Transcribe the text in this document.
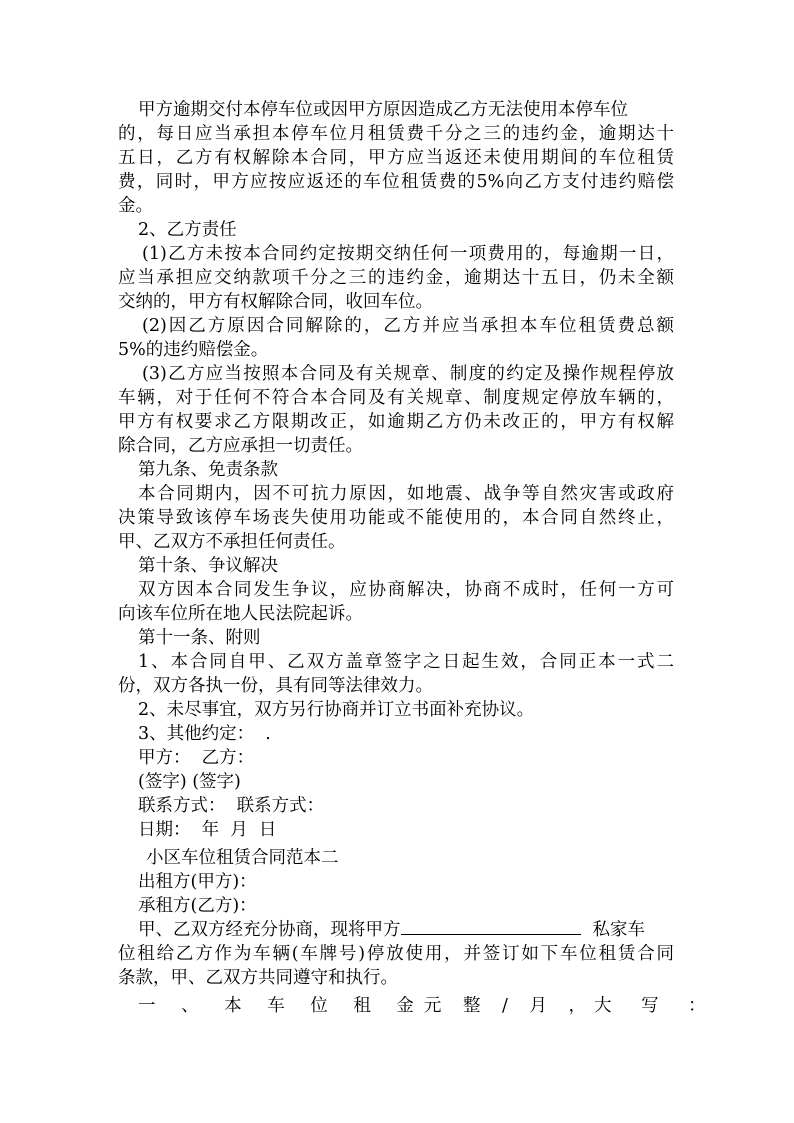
甲方逾期交付本停车位或因甲方原因造成乙方无法使用本停车位
的，每日应当承担本停车位月租赁费千分之三的违约金，逾期达十
五日，乙方有权解除本合同，甲方应当返还未使用期间的车位租赁
费，同时，甲方应按应返还的车位租赁费的5%向乙方支付违约赔偿
金。
2、乙方责任
(1)乙方未按本合同约定按期交纳任何一项费用的，每逾期一日，
应当承担应交纳款项千分之三的违约金，逾期达十五日，仍未全额
交纳的，甲方有权解除合同，收回车位。
(2)因乙方原因合同解除的，乙方并应当承担本车位租赁费总额
5%的违约赔偿金。
(3)乙方应当按照本合同及有关规章、制度的约定及操作规程停放
车辆，对于任何不符合本合同及有关规章、制度规定停放车辆的，
甲方有权要求乙方限期改正，如逾期乙方仍未改正的，甲方有权解
除合同，乙方应承担一切责任。
第九条、免责条款
本合同期内，因不可抗力原因，如地震、战争等自然灾害或政府
决策导致该停车场丧失使用功能或不能使用的，本合同自然终止，
甲、乙双方不承担任何责任。
第十条、争议解决
双方因本合同发生争议，应协商解决，协商不成时，任何一方可
向该车位所在地人民法院起诉。
第十一条、附则
1、本合同自甲、乙双方盖章签字之日起生效，合同正本一式二
份，双方各执一份，具有同等法律效力。
2、未尽事宜，双方另行协商并订立书面补充协议。
3、其他约定：  .
甲方：  乙方：
(签字) (签字)
联系方式：  联系方式：
日期：  年  月  日
小区车位租赁合同范本二
出租方(甲方)：
承租方(乙方)：
甲、乙双方经充分协商，现将甲方	私家车
位租给乙方作为车辆(车牌号)停放使用，并签订如下车位租赁合同
条款，甲、乙双方共同遵守和执行。
一 、 本 车 位 租 金 元 整 / 月 ， 大 写 ：
